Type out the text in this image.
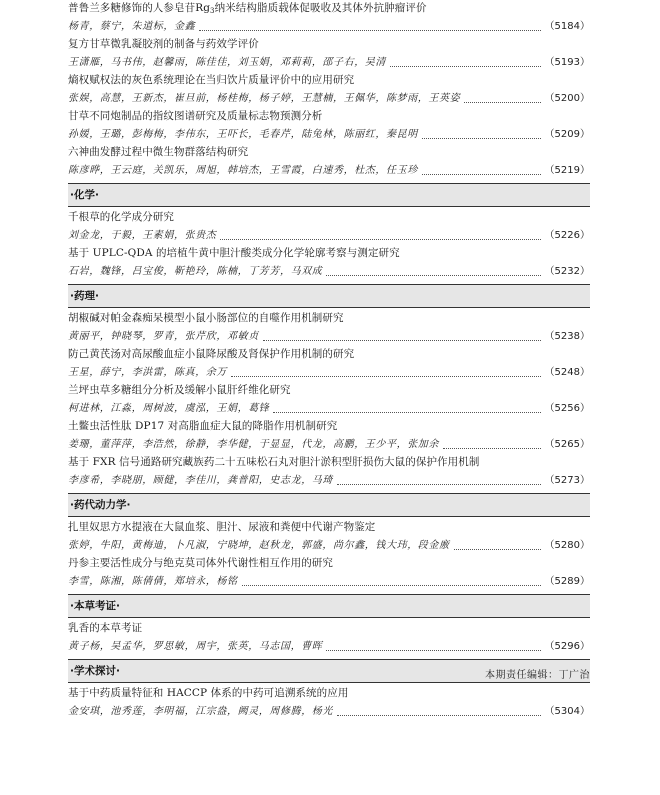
普鲁兰多糖修饰的人参皂苷$Rg_3$纳米结构脂质载体促吸收及其体外抗肿瘤评价
杨青，蔡宁，朱道标，金鑫	（5184）
复方甘草微乳凝胶剂的制备与药效学评价
王潇雁，马书伟，赵馨雨，陈佳佳，刘玉娟，邓莉莉，邵子右，吴清	（5193）
熵权赋权法的灰色系统理论在当归饮片质量评价中的应用研究
张娱，高慧，王新杰，崔旦前，杨桂梅，杨子婷，王慧楠，王佩华，陈梦雨，王英姿	（5200）
甘草不同炮制品的指纹图谱研究及质量标志物预测分析
孙媛，王璐，彭梅梅，李伟东，王吓长，毛春芹，陆兔林，陈丽红，秦昆明	（5209）
六神曲发酵过程中微生物群落结构研究
陈彦晔，王云庭，关凯乐，周旭，韩培杰，王雪霞，白速秀，杜杰，任玉珍	（5219）
·化学·
千根草的化学成分研究
刘金龙，于毅，王素娟，张贵杰	（5226）
基于 UPLC-QDA 的培植牛黄中胆汁酸类成分化学轮廓考察与测定研究
石岩，魏锋，吕宝俊，靳艳玲，陈楠，丁芳芳，马双成	（5232）
·药理·
胡椒碱对帕金森痴呆模型小鼠小肠部位的自噬作用机制研究
黄丽平，钟晓琴，罗青，张芹欣，邓敏贞	（5238）
防己黄芪汤对高尿酸血症小鼠降尿酸及肾保护作用机制的研究
王星，薛宁，李洪雷，陈真，余万	（5248）
兰坪虫草多糖组分分析及缓解小鼠肝纤维化研究
柯进林，江淼，周树波，虞泓，王娟，葛锋	（5256）
土鳖虫活性肽 DP17 对高脂血症大鼠的降脂作用机制研究
姜珊，董萍萍，李浩然，徐静，李华健，于显显，代龙，高鹏，王少平，张加余	（5265）
基于 FXR 信号通路研究藏族药二十五味松石丸对胆汁淤积型肝损伤大鼠的保护作用机制
李彦希，李晓朋，顾健，李佳川，龚普阳，史志龙，马琦	（5273）
·药代动力学·
扎里奴思方水提液在大鼠血浆、胆汁、尿液和粪便中代谢产物鉴定
张婷，牛阳，黄梅迪，卜凡淑，宁晓坤，赵秋龙，郭盛，尚尔鑫，钱大玮，段金廒	（5280）
丹参主要活性成分与绝克莫司体外代谢性相互作用的研究
李雪，陈湘，陈倩倩，郑培永，杨铭	（5289）
·本草考证·
乳香的本草考证
黄子杨，吴孟华，罗思敏，周宇，张英，马志国，曹晖	（5296）
·学术探讨·
基于中药质量特征和 HACCP 体系的中药可追溯系统的应用
金安琪，池秀莲，李明福，江宗盎，阙灵，周修腾，杨光	（5304）
本期责任编辑：丁广治
